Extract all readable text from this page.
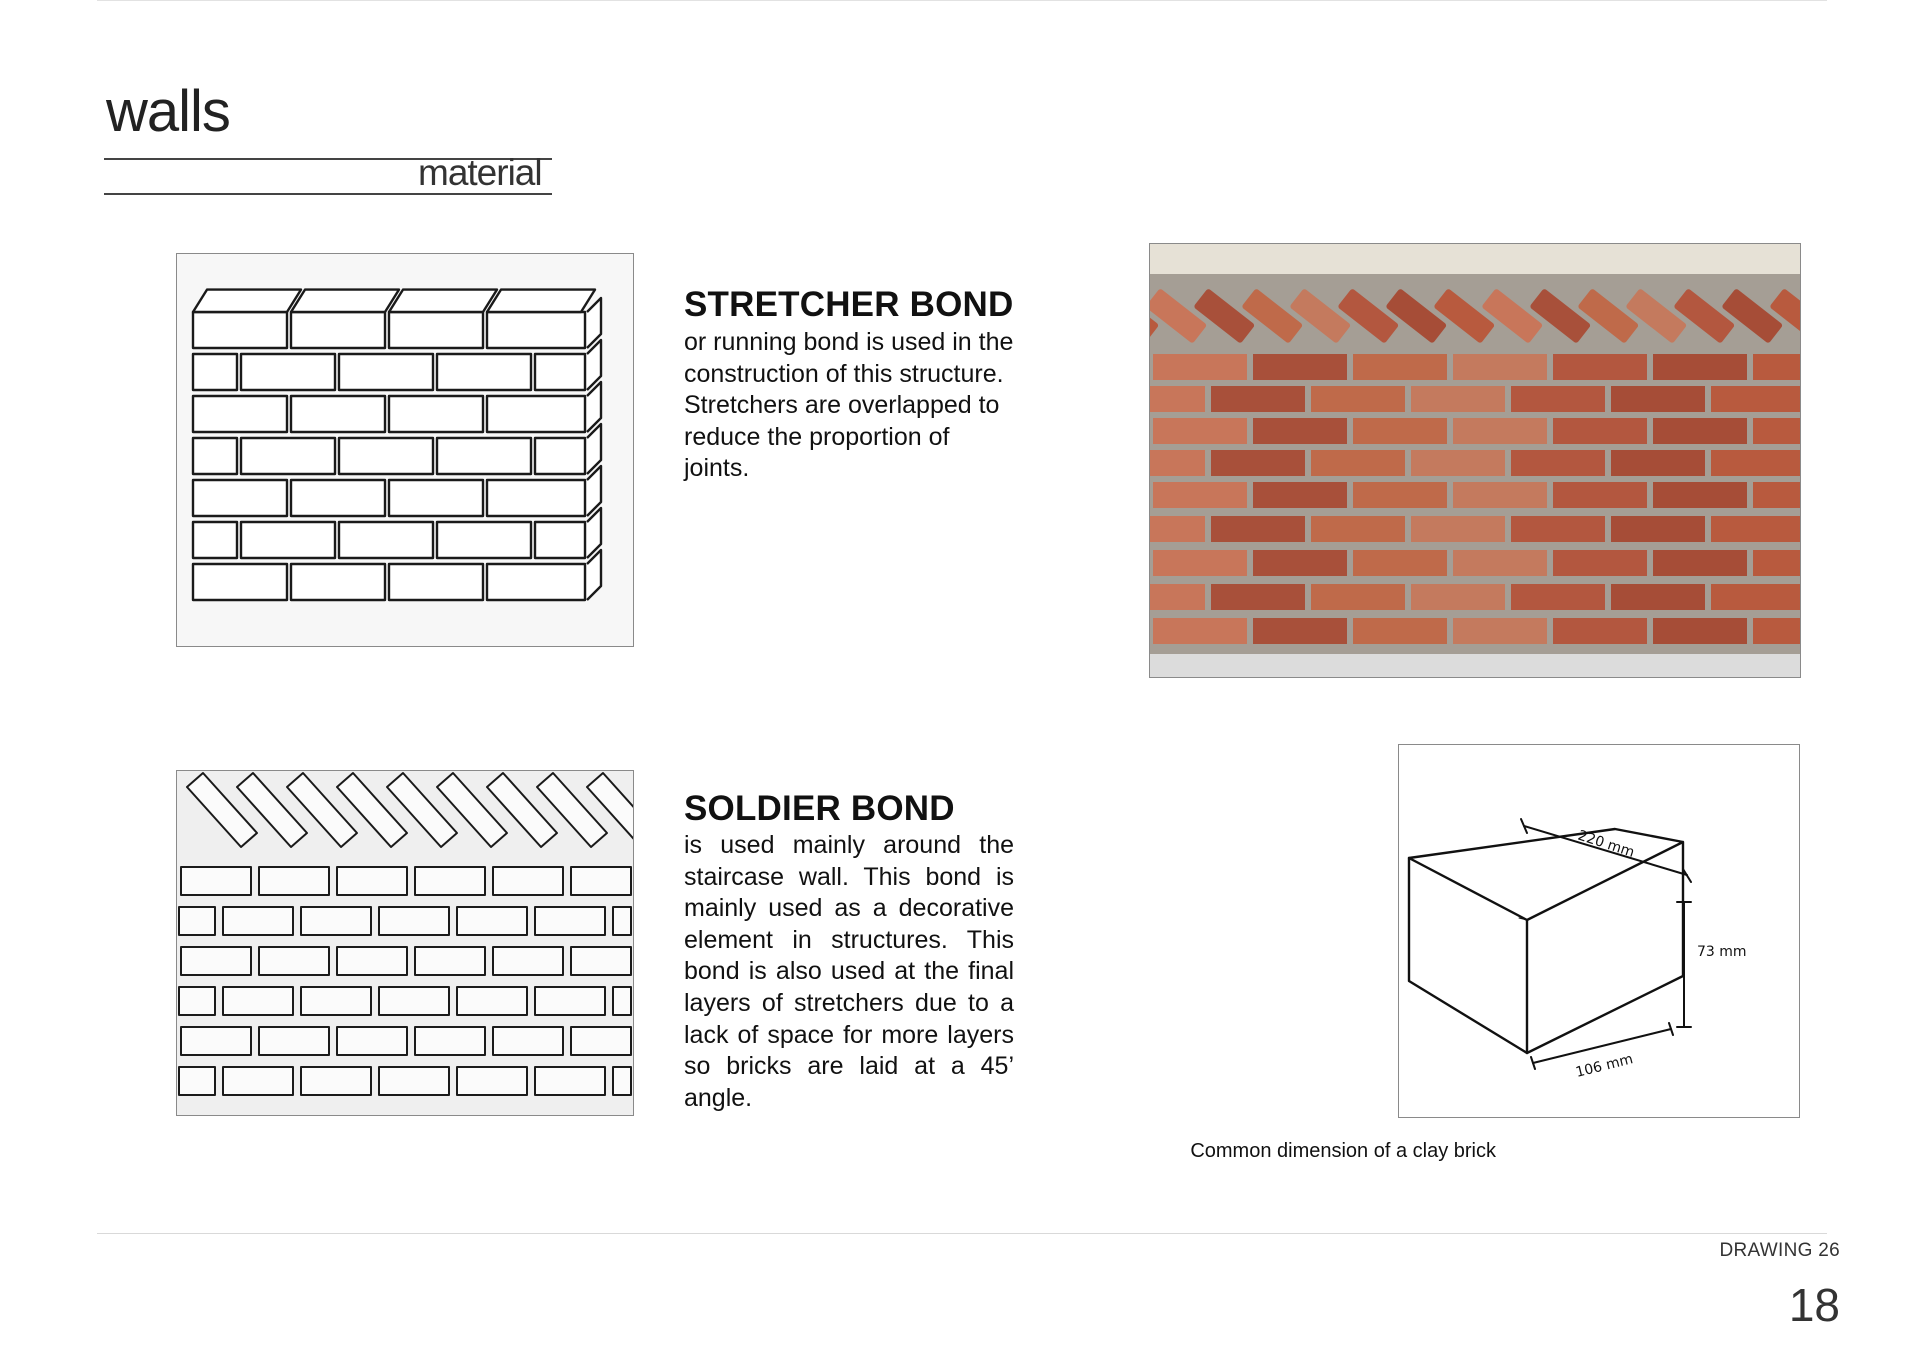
walls
material
STRETCHER BOND
or running bond is used in the construction of this structure. Stretchers are overlapped to reduce the proportion of joints.
SOLDIER BOND
is used mainly around the staircase wall. This bond is mainly used as a decorative element in structures. This bond is also used at the final layers of stretchers due to a lack of space for more layers so bricks are laid at a 45’ angle.
220 mm
73 mm
106 mm
Common dimension of a clay brick
DRAWING 26
18
